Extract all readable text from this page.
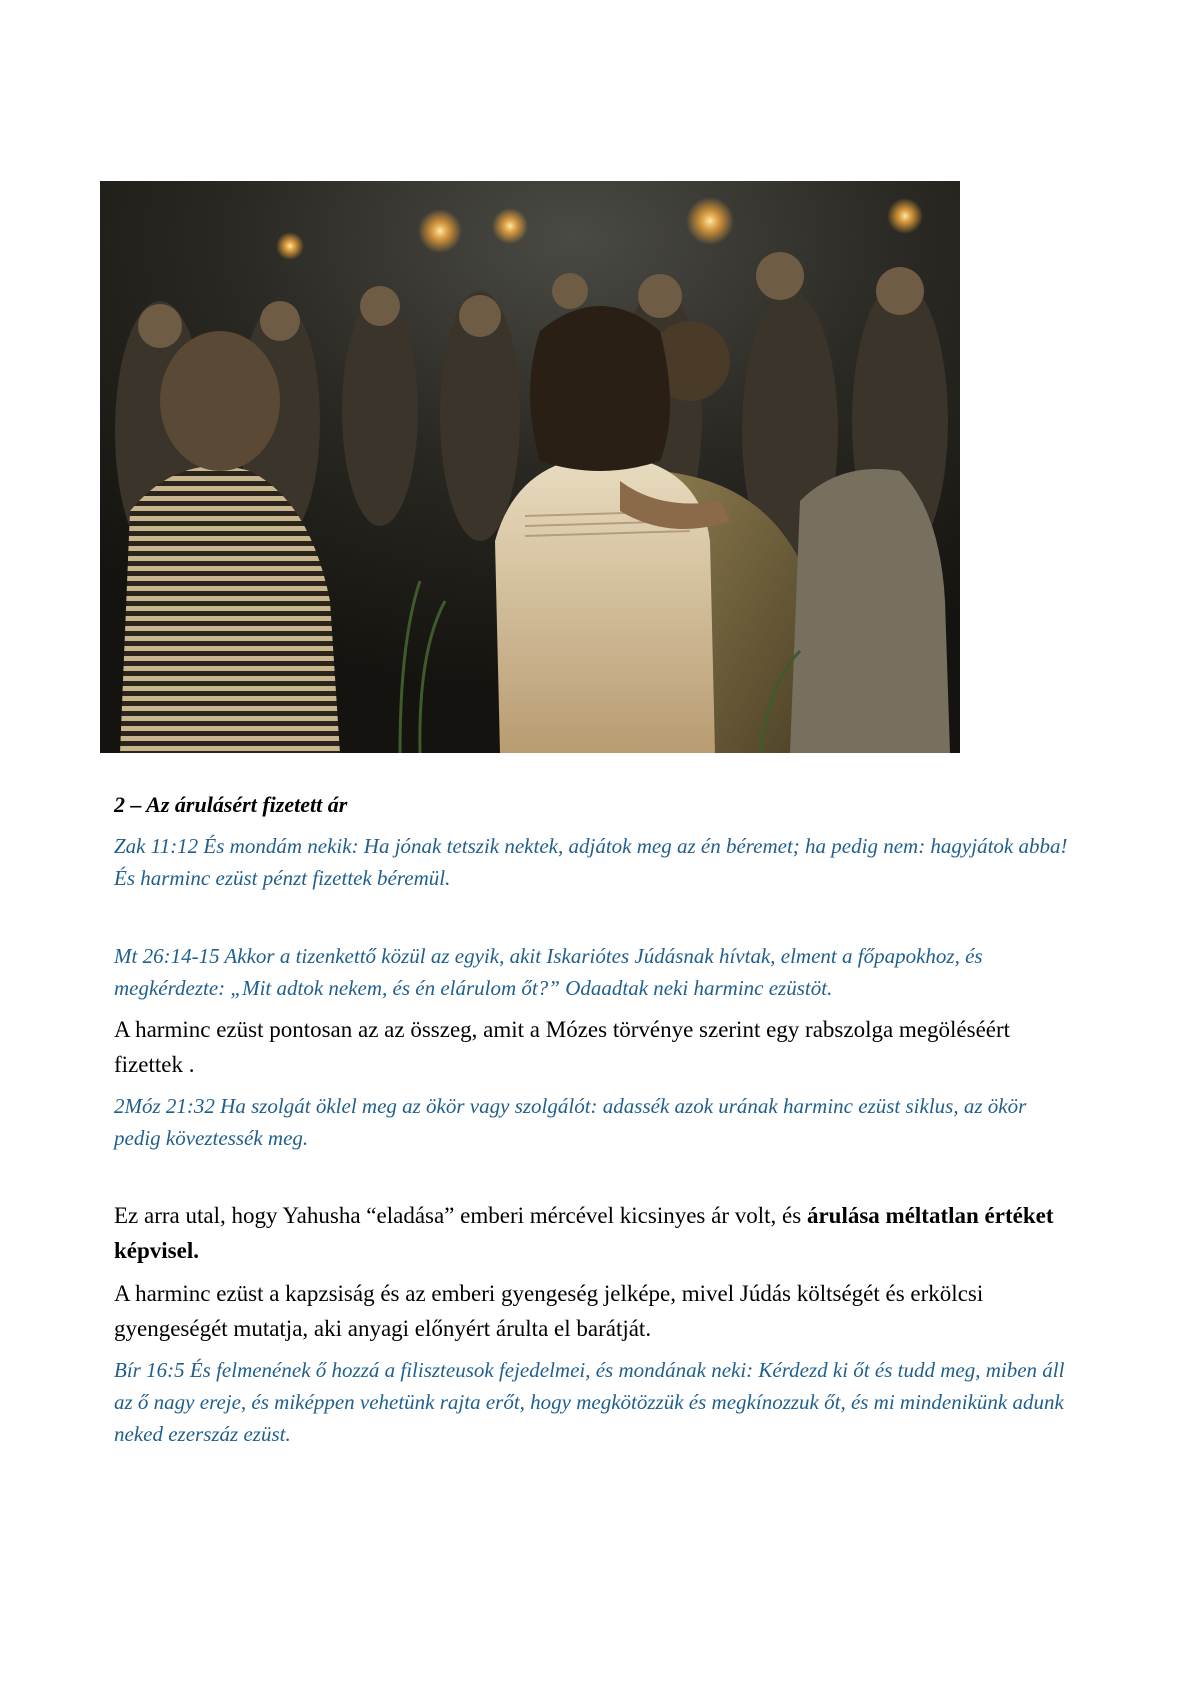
2 – Az árulásért fizetett ár

Zak 11:12 És mondám nekik: Ha jónak tetszik nektek, adjátok meg az én béremet; ha pedig nem: hagyjátok abba! És harminc ezüst pénzt fizettek béremül.

Mt 26:14-15 Akkor a tizenkettő közül az egyik, akit Iskariótes Júdásnak hívtak, elment a főpapokhoz, és megkérdezte: „Mit adtok nekem, és én elárulom őt?” Odaadtak neki harminc ezüstöt.

A harminc ezüst pontosan az az összeg, amit a Mózes törvénye szerint egy rabszolga megöléséért fizettek .

2Móz 21:32 Ha szolgát öklel meg az ökör vagy szolgálót: adassék azok urának harminc ezüst siklus, az ökör pedig köveztessék meg.

Ez arra utal, hogy Yahusha “eladása” emberi mércével kicsinyes ár volt, és árulása méltatlan értéket képvisel.

A harminc ezüst a kapzsiság és az emberi gyengeség jelképe, mivel Júdás költségét és erkölcsi gyengeségét mutatja, aki anyagi előnyért árulta el barátját.

Bír 16:5 És felmenének ő hozzá a filiszteusok fejedelmei, és mondának neki: Kérdezd ki őt és tudd meg, miben áll az ő nagy ereje, és miképpen vehetünk rajta erőt, hogy megkötözzük és megkínozzuk őt, és mi mindenikünk adunk neked ezerszáz ezüst.
